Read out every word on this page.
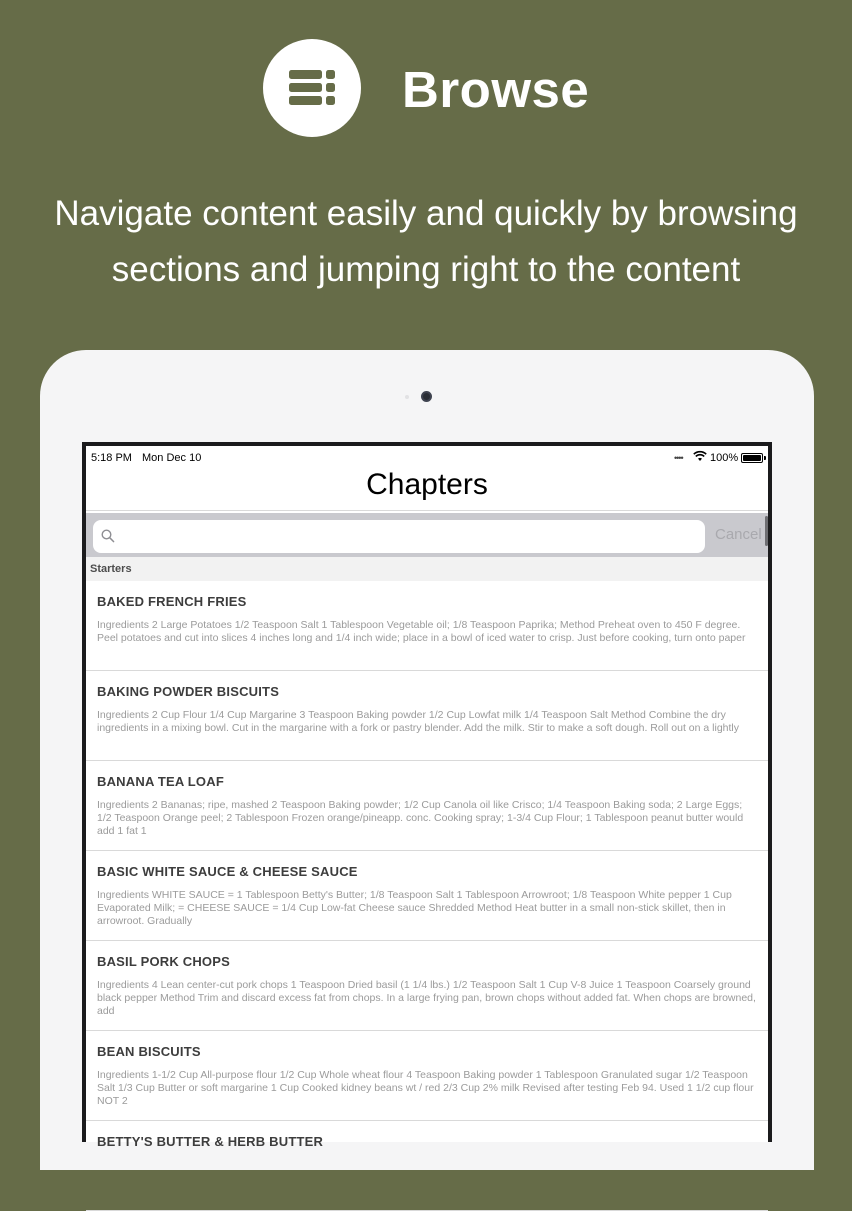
Browse
Navigate content easily and quickly by browsing
sections and jumping right to the content
5:18 PM Mon Dec 10	•••• 100%
Chapters
Cancel
Starters
BAKED FRENCH FRIES
Ingredients 2 Large Potatoes 1/2 Teaspoon Salt 1 Tablespoon Vegetable oil; 1/8 Teaspoon Paprika; Method Preheat oven to 450 F degree. Peel potatoes and cut into slices 4 inches long and 1/4 inch wide; place in a bowl of iced water to crisp. Just before cooking, turn onto paper
BAKING POWDER BISCUITS
Ingredients 2 Cup Flour 1/4 Cup Margarine 3 Teaspoon Baking powder 1/2 Cup Lowfat milk 1/4 Teaspoon Salt Method Combine the dry ingredients in a mixing bowl. Cut in the margarine with a fork or pastry blender. Add the milk. Stir to make a soft dough. Roll out on a lightly
BANANA TEA LOAF
Ingredients 2 Bananas; ripe, mashed 2 Teaspoon Baking powder; 1/2 Cup Canola oil like Crisco; 1/4 Teaspoon Baking soda; 2 Large Eggs; 1/2 Teaspoon Orange peel; 2 Tablespoon Frozen orange/pineapp. conc. Cooking spray; 1-3/4 Cup Flour; 1 Tablespoon peanut butter would add 1 fat 1
BASIC WHITE SAUCE & CHEESE SAUCE
Ingredients WHITE SAUCE = 1 Tablespoon Betty's Butter; 1/8 Teaspoon Salt 1 Tablespoon Arrowroot; 1/8 Teaspoon White pepper 1 Cup Evaporated Milk; = CHEESE SAUCE = 1/4 Cup Low-fat Cheese sauce Shredded Method Heat butter in a small non-stick skillet, then in arrowroot. Gradually
BASIL PORK CHOPS
Ingredients 4 Lean center-cut pork chops 1 Teaspoon Dried basil (1 1/4 lbs.) 1/2 Teaspoon Salt 1 Cup V-8 Juice 1 Teaspoon Coarsely ground black pepper Method Trim and discard excess fat from chops. In a large frying pan, brown chops without added fat. When chops are browned, add
BEAN BISCUITS
Ingredients 1-1/2 Cup All-purpose flour 1/2 Cup Whole wheat flour 4 Teaspoon Baking powder 1 Tablespoon Granulated sugar 1/2 Teaspoon Salt 1/3 Cup Butter or soft margarine 1 Cup Cooked kidney beans wt / red 2/3 Cup 2% milk Revised after testing Feb 94. Used 1 1/2 cup flour NOT 2
BETTY'S BUTTER & HERB BUTTER
